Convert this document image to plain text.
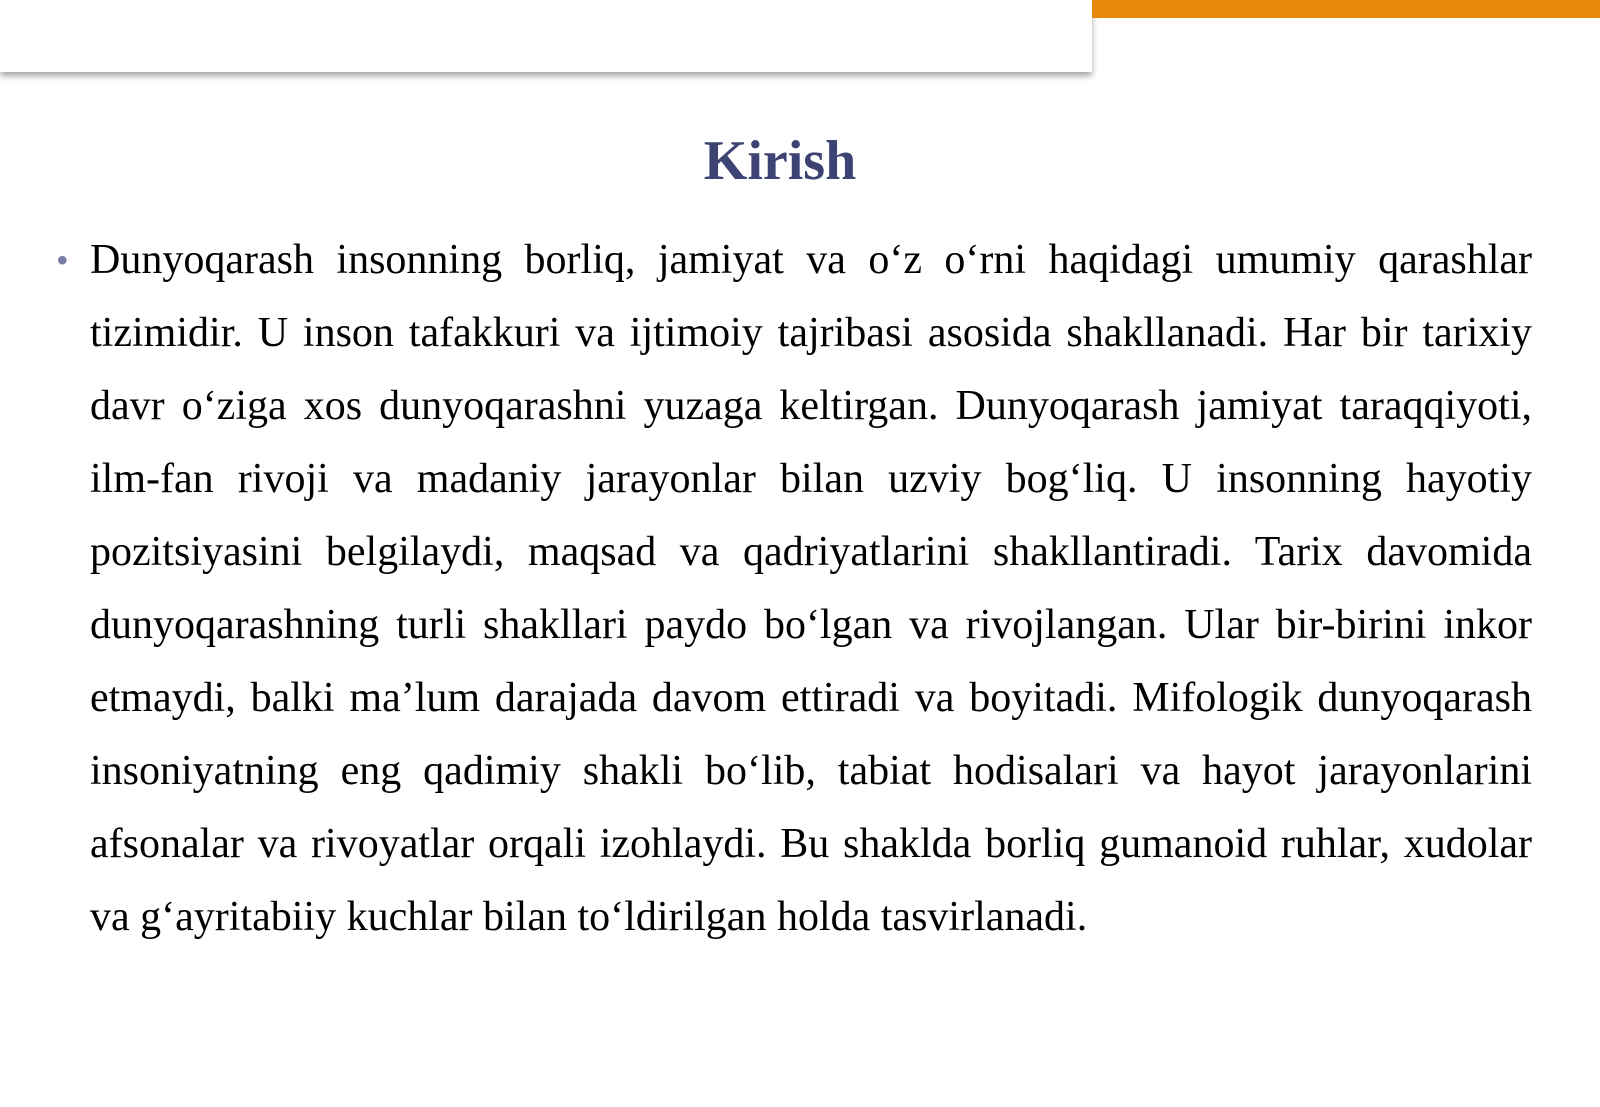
Kirish
• Dunyoqarash insonning borliq, jamiyat va o‘z o‘rni haqidagi umumiy qarashlar tizimidir. U inson tafakkuri va ijtimoiy tajribasi asosida shakllanadi. Har bir tarixiy davr o‘ziga xos dunyoqarashni yuzaga keltirgan. Dunyoqarash jamiyat taraqqiyoti, ilm-fan rivoji va madaniy jarayonlar bilan uzviy bog‘liq. U insonning hayotiy pozitsiyasini belgilaydi, maqsad va qadriyatlarini shakllantiradi. Tarix davomida dunyoqarashning turli shakllari paydo bo‘lgan va rivojlangan. Ular bir-birini inkor etmaydi, balki ma’lum darajada davom ettiradi va boyitadi. Mifologik dunyoqarash insoniyatning eng qadimiy shakli bo‘lib, tabiat hodisalari va hayot jarayonlarini afsonalar va rivoyatlar orqali izohlaydi. Bu shaklda borliq gumanoid ruhlar, xudolar va g‘ayritabiiy kuchlar bilan to‘ldirilgan holda tasvirlanadi.
